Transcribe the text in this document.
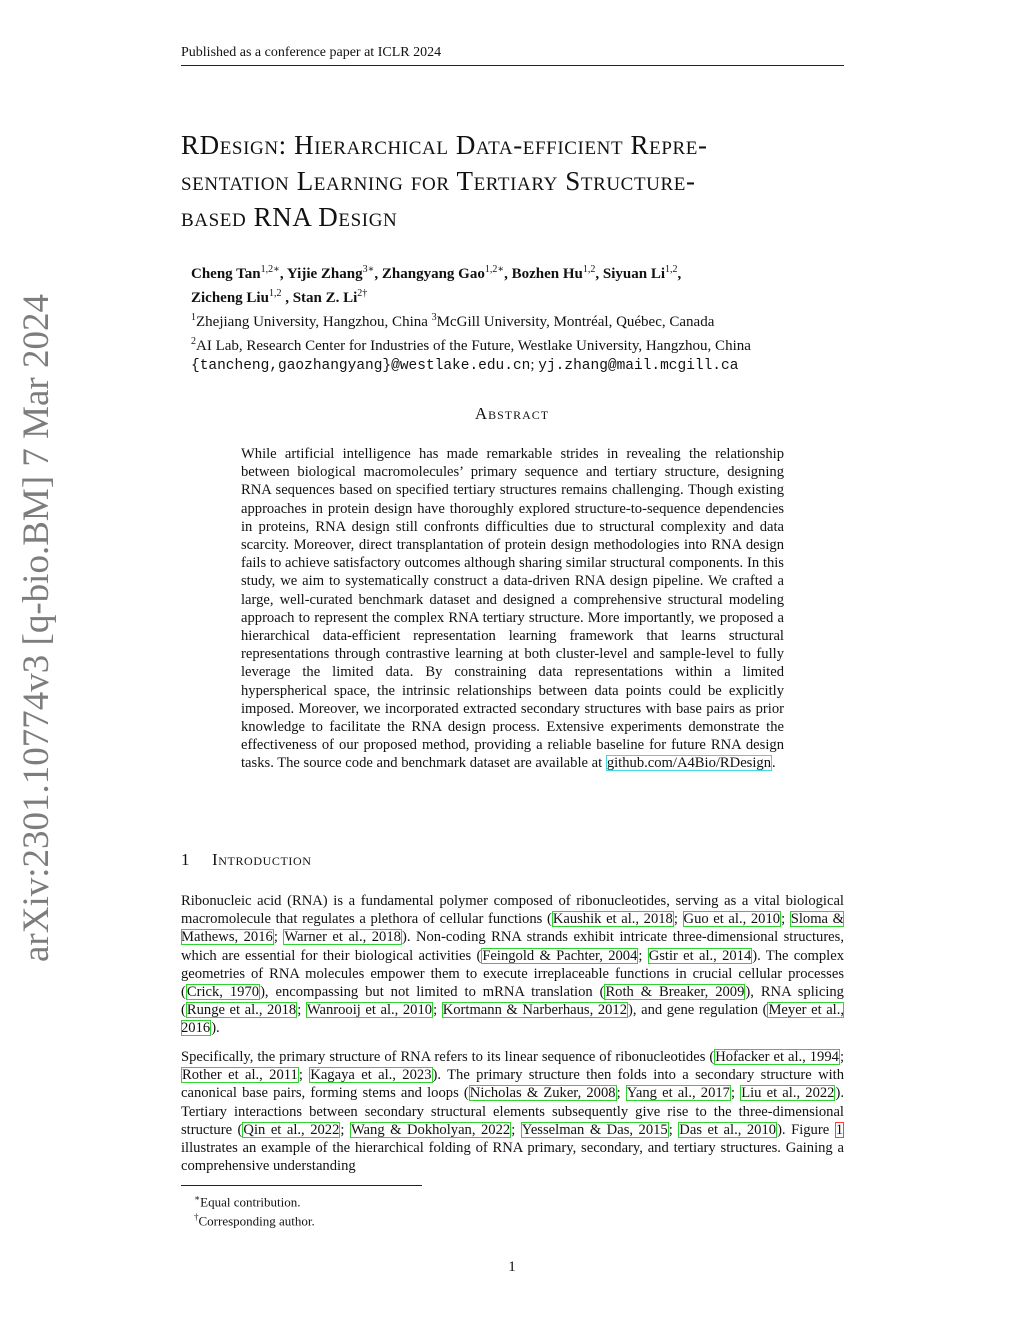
Published as a conference paper at ICLR 2024
arXiv:2301.10774v3 [q-bio.BM] 7 Mar 2024
RDesign: Hierarchical Data-efficient Repre-
sentation Learning for Tertiary Structure-
based RNA Design
Cheng Tan$^{1,2∗}$, Yijie Zhang$^{3∗}$, Zhangyang Gao$^{1,2∗}$, Bozhen Hu$^{1,2}$, Siyuan Li$^{1,2}$,
Zicheng Liu$^{1,2}$ , Stan Z. $Li^{2\dagger}$
$^1$Zhejiang University, Hangzhou, China $^3$McGill University, Montréal, Québec, Canada
$^2$AI Lab, Research Center for Industries of the Future, Westlake University, Hangzhou, China
{tancheng,gaozhangyang}@westlake.edu.cn; yj.zhang@mail.mcgill.ca
Abstract
While artificial intelligence has made remarkable strides in revealing the relationship between biological macromolecules’ primary sequence and tertiary structure, designing RNA sequences based on specified tertiary structures remains challenging. Though existing approaches in protein design have thoroughly explored structure-to-sequence dependencies in proteins, RNA design still confronts difficulties due to structural complexity and data scarcity. Moreover, direct transplantation of protein design methodologies into RNA design fails to achieve satisfactory outcomes although sharing similar structural components. In this study, we aim to systematically construct a data-driven RNA design pipeline. We crafted a large, well-curated benchmark dataset and designed a comprehensive structural modeling approach to represent the complex RNA tertiary structure. More importantly, we proposed a hierarchical data-efficient representation learning framework that learns structural representations through contrastive learning at both cluster-level and sample-level to fully leverage the limited data. By constraining data representations within a limited hyperspherical space, the intrinsic relationships between data points could be explicitly imposed. Moreover, we incorporated extracted secondary structures with base pairs as prior knowledge to facilitate the RNA design process. Extensive experiments demonstrate the effectiveness of our proposed method, providing a reliable baseline for future RNA design tasks. The source code and benchmark dataset are available at github.com/A4Bio/RDesign.
1 Introduction
Ribonucleic acid (RNA) is a fundamental polymer composed of ribonucleotides, serving as a vital biological macromolecule that regulates a plethora of cellular functions (Kaushik et al., 2018; Guo et al., 2010; Sloma & Mathews, 2016; Warner et al., 2018). Non-coding RNA strands exhibit intricate three-dimensional structures, which are essential for their biological activities (Feingold & Pachter, 2004; Gstir et al., 2014). The complex geometries of RNA molecules empower them to execute irreplaceable functions in crucial cellular processes (Crick, 1970), encompassing but not limited to mRNA translation (Roth & Breaker, 2009), RNA splicing (Runge et al., 2018; Wanrooij et al., 2010; Kortmann & Narberhaus, 2012), and gene regulation (Meyer et al., 2016).
Specifically, the primary structure of RNA refers to its linear sequence of ribonucleotides (Hofacker et al., 1994; Rother et al., 2011; Kagaya et al., 2023). The primary structure then folds into a secondary structure with canonical base pairs, forming stems and loops (Nicholas & Zuker, 2008; Yang et al., 2017; Liu et al., 2022). Tertiary interactions between secondary structural elements subsequently give rise to the three-dimensional structure (Qin et al., 2022; Wang & Dokholyan, 2022; Yesselman & Das, 2015; Das et al., 2010). Figure 1 illustrates an example of the hierarchical folding of RNA primary, secondary, and tertiary structures. Gaining a comprehensive understanding
∗Equal contribution.
†Corresponding author.
1
